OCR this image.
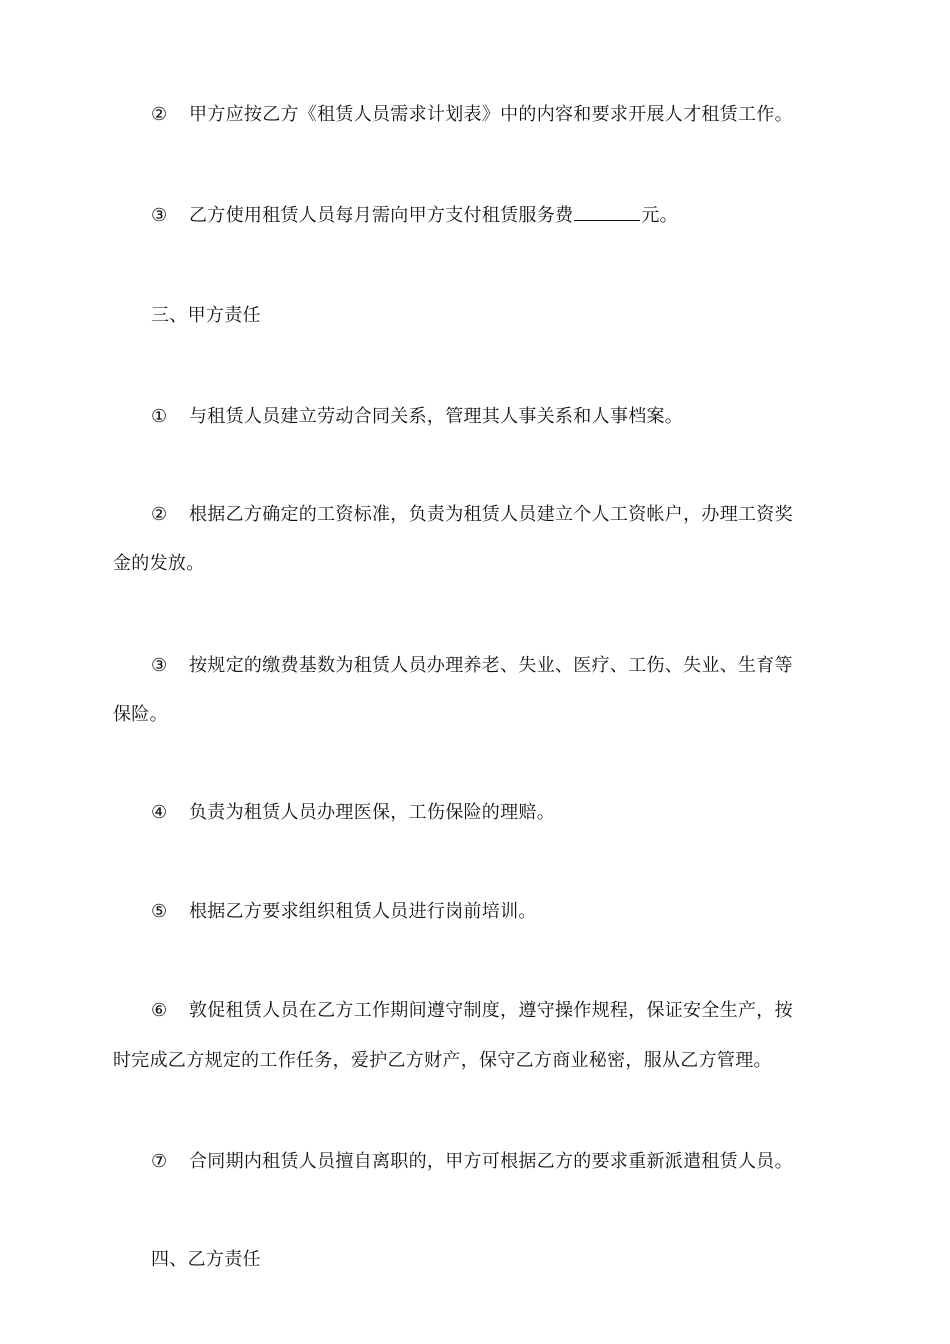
② 甲方应按乙方《租赁人员需求计划表》中的内容和要求开展人才租赁工作。
③ 乙方使用租赁人员每月需向甲方支付租赁服务费	元。
三、甲方责任
① 与租赁人员建立劳动合同关系，管理其人事关系和人事档案。
② 根据乙方确定的工资标准，负责为租赁人员建立个人工资帐户，办理工资奖
金的发放。
③ 按规定的缴费基数为租赁人员办理养老、失业、医疗、工伤、失业、生育等
保险。
④ 负责为租赁人员办理医保，工伤保险的理赔。
⑤ 根据乙方要求组织租赁人员进行岗前培训。
⑥ 敦促租赁人员在乙方工作期间遵守制度，遵守操作规程，保证安全生产，按
时完成乙方规定的工作任务，爱护乙方财产，保守乙方商业秘密，服从乙方管理。
⑦ 合同期内租赁人员擅自离职的，甲方可根据乙方的要求重新派遣租赁人员。
四、乙方责任
